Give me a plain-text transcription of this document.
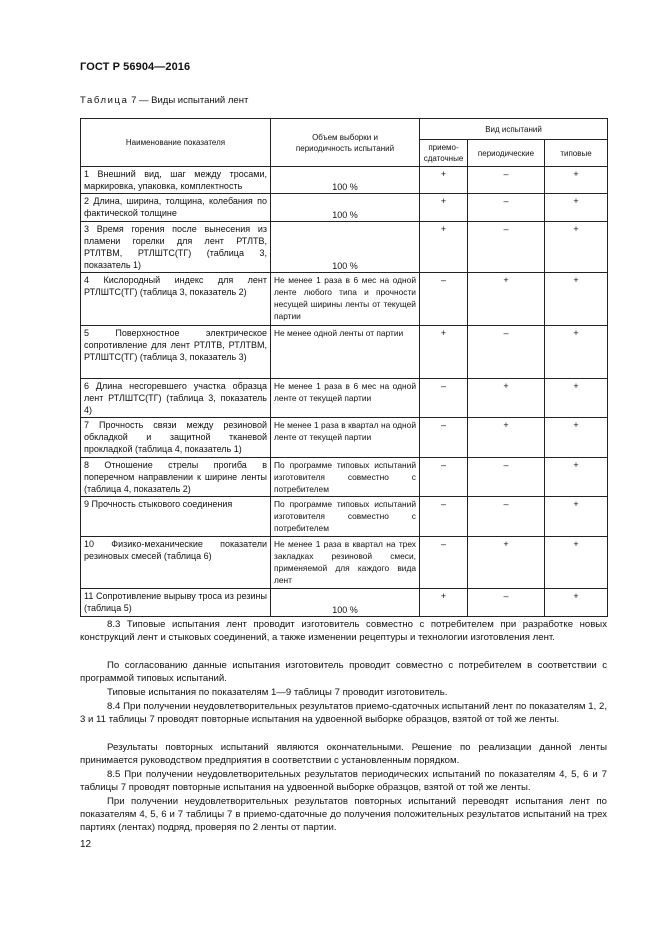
ГОСТ Р 56904—2016
Таблица 7 — Виды испытаний лент
Наименование показателя	Объем выборки и периодичность испытаний	Вид испытаний		
		приемо-сдаточные	периодические	типовые
1 Внешний вид, шаг между тросами, маркировка, упаковка, комплектность	100 %	+	–	+
2 Длина, ширина, толщина, колебания по фактической толщине	100 %	+	–	+
3 Время горения после вынесения из пламени горелки для лент РТЛТВ, РТЛТВМ, РТЛШТС(ТГ) (таблица 3, показатель 1)	100 %	+	–	+
4 Кислородный индекс для лент РТЛШТС(ТГ) (таблица 3, показатель 2)	Не менее 1 раза в 6 мес на одной ленте любого типа и прочности несущей ширины ленты от текущей партии	–	+	+
5 Поверхностное электрическое сопротивление для лент РТЛТВ, РТЛТВМ, РТЛШТС(ТГ) (таблица 3, показатель 3)	Не менее одной ленты от партии	+	–	+
6 Длина несгоревшего участка образца лент РТЛШТС(ТГ) (таблица 3, показатель 4)	Не менее 1 раза в 6 мес на одной ленте от текущей партии	–	+	+
7 Прочность связи между резиновой обкладкой и защитной тканевой прокладкой (таблица 4, показатель 1)	Не менее 1 раза в квартал на одной ленте от текущей партии	–	+	+
8 Отношение стрелы прогиба в поперечном направлении к ширине ленты (таблица 4, показатель 2)	По программе типовых испытаний изготовителя совместно с потребителем	–	–	+
9 Прочность стыкового соединения	По программе типовых испытаний изготовителя совместно с потребителем	–	–	+
10 Физико-механические показатели резиновых смесей (таблица 6)	Не менее 1 раза в квартал на трех закладках резиновой смеси, применяемой для каждого вида лент	–	+	+
11 Сопротивление вырыву троса из резины (таблица 5)	100 %	+	–	+
8.3 Типовые испытания лент проводит изготовитель совместно с потребителем при разработке новых конструкций лент и стыковых соединений, а также изменении рецептуры и технологии изготовления лент.
По согласованию данные испытания изготовитель проводит совместно с потребителем в соответствии с программой типовых испытаний.
Типовые испытания по показателям 1—9 таблицы 7 проводит изготовитель.
8.4 При получении неудовлетворительных результатов приемо-сдаточных испытаний лент по показателям 1, 2, 3 и 11 таблицы 7 проводят повторные испытания на удвоенной выборке образцов, взятой от той же ленты.
Результаты повторных испытаний являются окончательными. Решение по реализации данной ленты принимается руководством предприятия в соответствии с установленным порядком.
8.5 При получении неудовлетворительных результатов периодических испытаний по показателям 4, 5, 6 и 7 таблицы 7 проводят повторные испытания на удвоенной выборке образцов, взятой от той же ленты.
При получении неудовлетворительных результатов повторных испытаний переводят испытания лент по показателям 4, 5, 6 и 7 таблицы 7 в приемо-сдаточные до получения положительных результатов испытаний на трех партиях (лентах) подряд, проверяя по 2 ленты от партии.
12
